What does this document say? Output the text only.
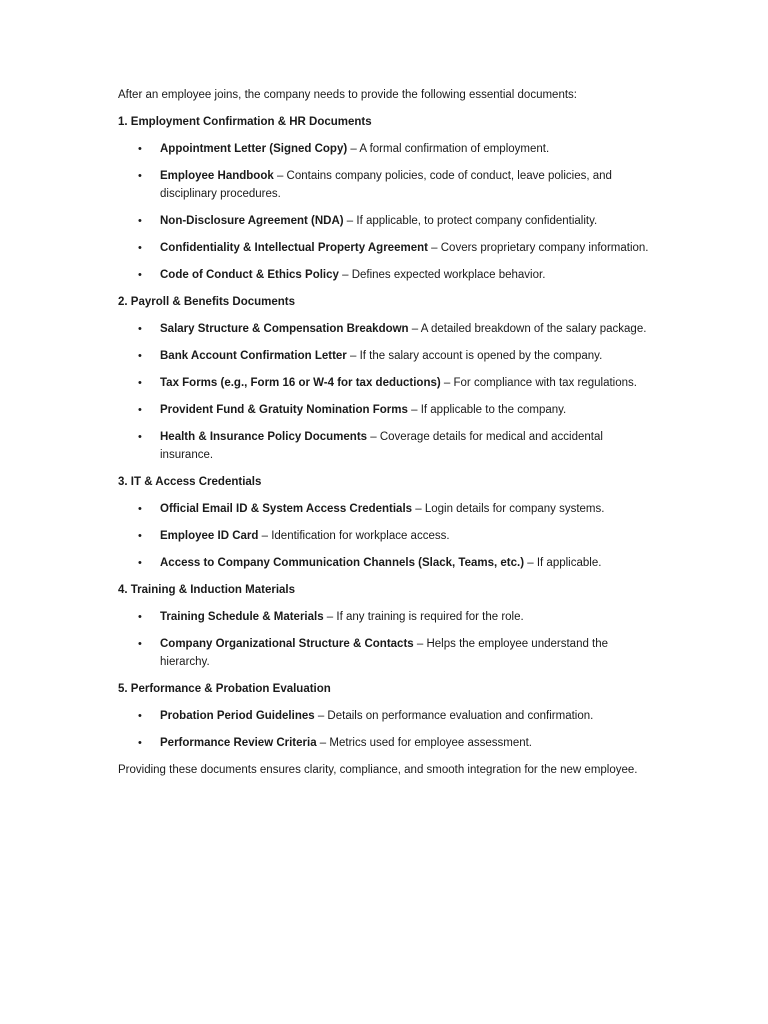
After an employee joins, the company needs to provide the following essential documents:

1. Employment Confirmation & HR Documents
• Appointment Letter (Signed Copy) – A formal confirmation of employment.
• Employee Handbook – Contains company policies, code of conduct, leave policies, and disciplinary procedures.
• Non-Disclosure Agreement (NDA) – If applicable, to protect company confidentiality.
• Confidentiality & Intellectual Property Agreement – Covers proprietary company information.
• Code of Conduct & Ethics Policy – Defines expected workplace behavior.
2. Payroll & Benefits Documents
• Salary Structure & Compensation Breakdown – A detailed breakdown of the salary package.
• Bank Account Confirmation Letter – If the salary account is opened by the company.
• Tax Forms (e.g., Form 16 or W-4 for tax deductions) – For compliance with tax regulations.
• Provident Fund & Gratuity Nomination Forms – If applicable to the company.
• Health & Insurance Policy Documents – Coverage details for medical and accidental insurance.
3. IT & Access Credentials
• Official Email ID & System Access Credentials – Login details for company systems.
• Employee ID Card – Identification for workplace access.
• Access to Company Communication Channels (Slack, Teams, etc.) – If applicable.
4. Training & Induction Materials
• Training Schedule & Materials – If any training is required for the role.
• Company Organizational Structure & Contacts – Helps the employee understand the hierarchy.
5. Performance & Probation Evaluation
• Probation Period Guidelines – Details on performance evaluation and confirmation.
• Performance Review Criteria – Metrics used for employee assessment.

Providing these documents ensures clarity, compliance, and smooth integration for the new employee.
